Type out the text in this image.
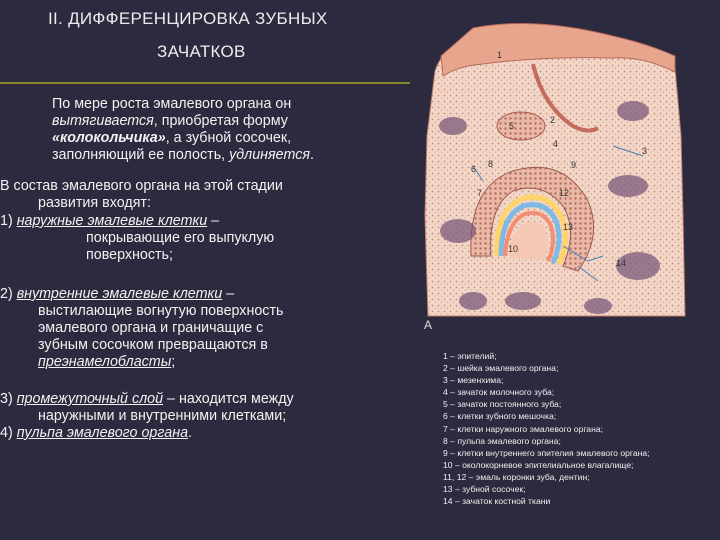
II. ДИФФЕРЕНЦИРОВКА ЗУБНЫХ
ЗАЧАТКОВ
По мере роста эмалевого органа он вытягивается, приобретая форму «колокольчика», а зубной сосочек, заполняющий ее полость, удлиняется.
В состав эмалевого органа на этой стадии
развития входят:
1) наружные эмалевые клетки –
покрывающие его выпуклую
поверхность;
2) внутренние эмалевые клетки –
выстилающие вогнутую поверхность
эмалевого органа и граничащие с
зубным сосочком превращаются в
преэнамелобласты;
3) промежуточный слой – находится между
наружными и внутренними клетками;
4) пульпа эмалевого органа.
1
2
3
4
5
6
7
8	9
10
12
13
14
А
1 – эпителий;
2 – шейка эмалевого органа;
3 – мезенхима;
4 – зачаток молочного зуба;
5 – зачаток постоянного зуба;
6 – клетки зубного мешочка;
7 – клетки наружного эмалевого органа;
8 – пульпа эмалевого органа;
9 – клетки внутреннего эпителия эмалевого органа;
10 – околокорневое эпителиальное влагалище;
11, 12 – эмаль коронки зуба, дентин;
13 – зубной сосочек;
14 – зачаток костной ткани
